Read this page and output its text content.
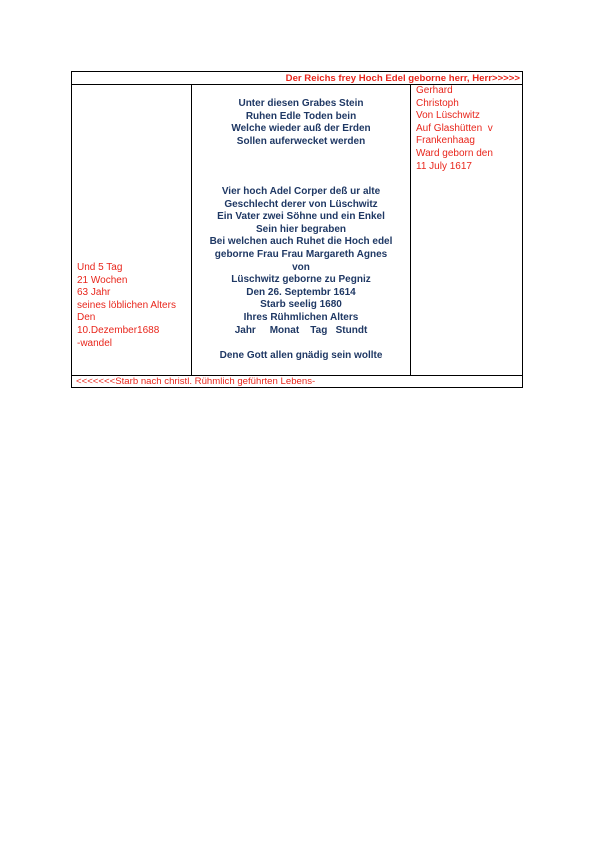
Der Reichs frey Hoch Edel geborne herr, Herr>>>>>
Und 5 Tag
21 Wochen
63 Jahr
seines löblichen Alters
Den
10.Dezember1688
-wandel
Unter diesen Grabes Stein
Ruhen Edle Toden bein
Welche wieder auß der Erden
Sollen auferwecket werden
Vier hoch Adel Corper deß ur alte
Geschlecht derer von Lüschwitz
Ein Vater zwei Söhne und ein Enkel
Sein hier begraben
Bei welchen auch Ruhet die Hoch edel
geborne Frau Frau Margareth Agnes
von
Lüschwitz geborne zu Pegniz
Den 26. Septembr 1614
Starb seelig 1680
Ihres Rühmlichen Alters
Jahr     Monat    Tag   Stundt
Dene Gott allen gnädig sein wollte
Gerhard
Christoph
Von Lüschwitz
Auf Glashütten  v
Frankenhaag
Ward geborn den
11 July 1617
<<<<<<<Starb nach christl. Rühmlich geführten Lebens-
